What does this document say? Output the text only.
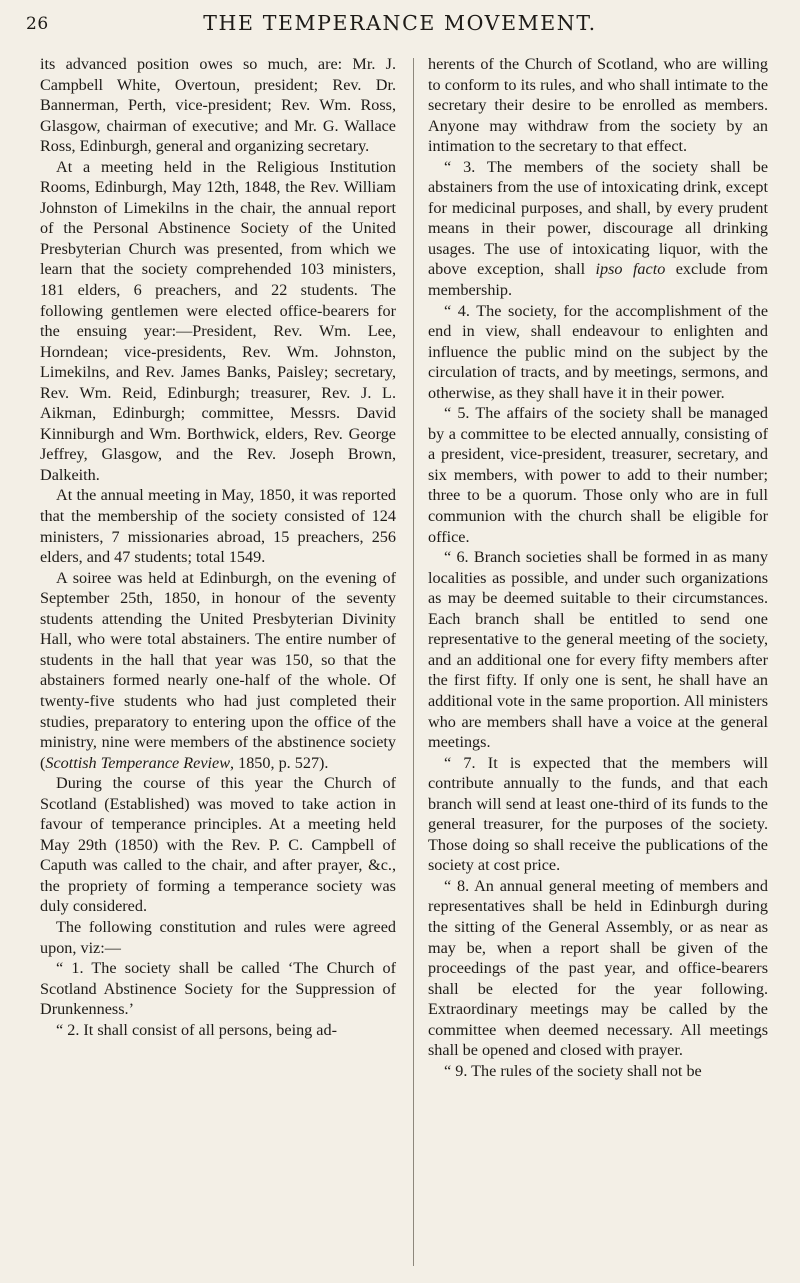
26	THE TEMPERANCE MOVEMENT.

its advanced position owes so much, are: Mr. J. Campbell White, Overtoun, president; Rev. Dr. Bannerman, Perth, vice-president; Rev. Wm. Ross, Glasgow, chairman of executive; and Mr. G. Wallace Ross, Edinburgh, general and organizing secretary.

At a meeting held in the Religious Institution Rooms, Edinburgh, May 12th, 1848, the Rev. William Johnston of Limekilns in the chair, the annual report of the Personal Abstinence Society of the United Presbyterian Church was presented, from which we learn that the society comprehended 103 ministers, 181 elders, 6 preachers, and 22 students. The following gentlemen were elected office-bearers for the ensuing year:—President, Rev. Wm. Lee, Horndean; vice-presidents, Rev. Wm. Johnston, Limekilns, and Rev. James Banks, Paisley; secretary, Rev. Wm. Reid, Edinburgh; treasurer, Rev. J. L. Aikman, Edinburgh; committee, Messrs. David Kinniburgh and Wm. Borthwick, elders, Rev. George Jeffrey, Glasgow, and the Rev. Joseph Brown, Dalkeith.

At the annual meeting in May, 1850, it was reported that the membership of the society consisted of 124 ministers, 7 missionaries abroad, 15 preachers, 256 elders, and 47 students; total 1549.

A soiree was held at Edinburgh, on the evening of September 25th, 1850, in honour of the seventy students attending the United Presbyterian Divinity Hall, who were total abstainers. The entire number of students in the hall that year was 150, so that the abstainers formed nearly one-half of the whole. Of twenty-five students who had just completed their studies, preparatory to entering upon the office of the ministry, nine were members of the abstinence society (Scottish Temperance Review, 1850, p. 527).

During the course of this year the Church of Scotland (Established) was moved to take action in favour of temperance principles. At a meeting held May 29th (1850) with the Rev. P. C. Campbell of Caputh was called to the chair, and after prayer, &c., the propriety of forming a temperance society was duly considered.

The following constitution and rules were agreed upon, viz:—

“ 1. The society shall be called ‘The Church of Scotland Abstinence Society for the Suppression of Drunkenness.’

“ 2. It shall consist of all persons, being ad-

herents of the Church of Scotland, who are willing to conform to its rules, and who shall intimate to the secretary their desire to be enrolled as members. Anyone may withdraw from the society by an intimation to the secretary to that effect.

“ 3. The members of the society shall be abstainers from the use of intoxicating drink, except for medicinal purposes, and shall, by every prudent means in their power, discourage all drinking usages. The use of intoxicating liquor, with the above exception, shall ipso facto exclude from membership.

“ 4. The society, for the accomplishment of the end in view, shall endeavour to enlighten and influence the public mind on the subject by the circulation of tracts, and by meetings, sermons, and otherwise, as they shall have it in their power.

“ 5. The affairs of the society shall be managed by a committee to be elected annually, consisting of a president, vice-president, treasurer, secretary, and six members, with power to add to their number; three to be a quorum. Those only who are in full communion with the church shall be eligible for office.

“ 6. Branch societies shall be formed in as many localities as possible, and under such organizations as may be deemed suitable to their circumstances. Each branch shall be entitled to send one representative to the general meeting of the society, and an additional one for every fifty members after the first fifty. If only one is sent, he shall have an additional vote in the same proportion. All ministers who are members shall have a voice at the general meetings.

“ 7. It is expected that the members will contribute annually to the funds, and that each branch will send at least one-third of its funds to the general treasurer, for the purposes of the society. Those doing so shall receive the publications of the society at cost price.

“ 8. An annual general meeting of members and representatives shall be held in Edinburgh during the sitting of the General Assembly, or as near as may be, when a report shall be given of the proceedings of the past year, and office-bearers shall be elected for the year following. Extraordinary meetings may be called by the committee when deemed necessary. All meetings shall be opened and closed with prayer.

“ 9. The rules of the society shall not be
